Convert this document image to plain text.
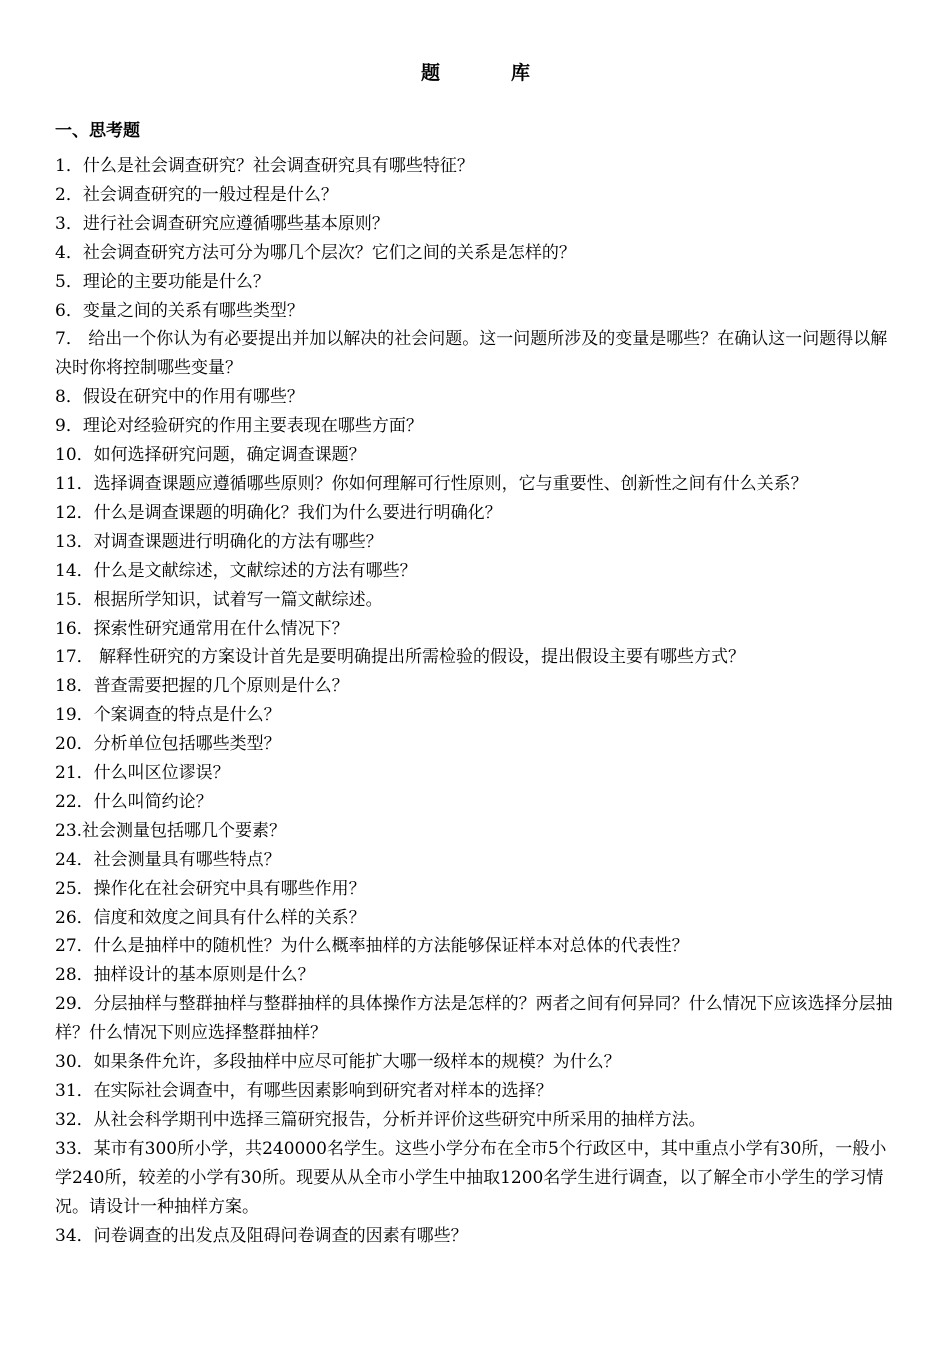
题　库
一、思考题
1．什么是社会调查研究？社会调查研究具有哪些特征？
2．社会调查研究的一般过程是什么？
3．进行社会调查研究应遵循哪些基本原则？
4．社会调查研究方法可分为哪几个层次？它们之间的关系是怎样的？
5．理论的主要功能是什么？
6．变量之间的关系有哪些类型？
7． 给出一个你认为有必要提出并加以解决的社会问题。这一问题所涉及的变量是哪些？在确认这一问题得以解决时你将控制哪些变量？
8．假设在研究中的作用有哪些？
9．理论对经验研究的作用主要表现在哪些方面？
10．如何选择研究问题，确定调查课题？
11．选择调查课题应遵循哪些原则？你如何理解可行性原则，它与重要性、创新性之间有什么关系？
12．什么是调查课题的明确化？我们为什么要进行明确化？
13．对调查课题进行明确化的方法有哪些？
14．什么是文献综述，文献综述的方法有哪些？
15．根据所学知识，试着写一篇文献综述。
16．探索性研究通常用在什么情况下？
17． 解释性研究的方案设计首先是要明确提出所需检验的假设，提出假设主要有哪些方式？
18．普查需要把握的几个原则是什么？
19．个案调查的特点是什么？
20．分析单位包括哪些类型？
21．什么叫区位谬误？
22．什么叫简约论？
23.社会测量包括哪几个要素？
24．社会测量具有哪些特点？
25．操作化在社会研究中具有哪些作用？
26．信度和效度之间具有什么样的关系？
27．什么是抽样中的随机性？为什么概率抽样的方法能够保证样本对总体的代表性？
28．抽样设计的基本原则是什么？
29．分层抽样与整群抽样与整群抽样的具体操作方法是怎样的？两者之间有何异同？什么情况下应该选择分层抽样？什么情况下则应选择整群抽样？
30．如果条件允许，多段抽样中应尽可能扩大哪一级样本的规模？为什么？
31．在实际社会调查中，有哪些因素影响到研究者对样本的选择？
32．从社会科学期刊中选择三篇研究报告，分析并评价这些研究中所采用的抽样方法。
33．某市有300所小学，共240000名学生。这些小学分布在全市5个行政区中，其中重点小学有30所，一般小学240所，较差的小学有30所。现要从从全市小学生中抽取1200名学生进行调查，以了解全市小学生的学习情况。请设计一种抽样方案。
34．问卷调查的出发点及阻碍问卷调查的因素有哪些？
